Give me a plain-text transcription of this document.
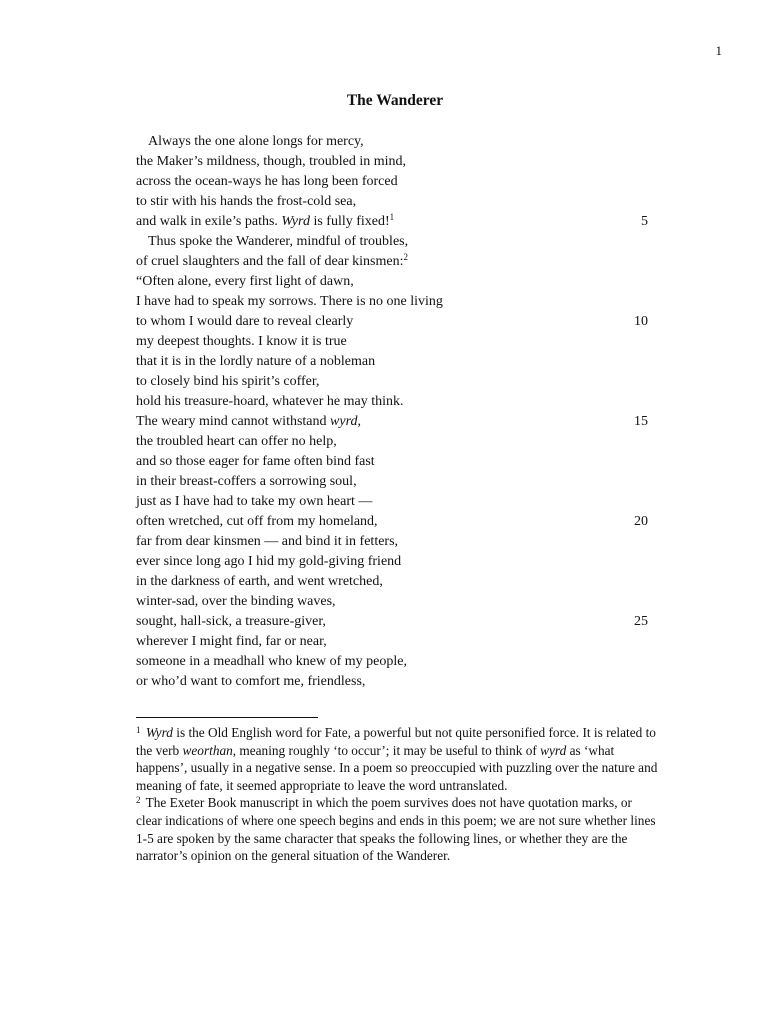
1
The Wanderer
Always the one alone longs for mercy,
the Maker’s mildness, though, troubled in mind,
across the ocean-ways he has long been forced
to stir with his hands the frost-cold sea,
and walk in exile’s paths. Wyrd is fully fixed!$^1$	5
Thus spoke the Wanderer, mindful of troubles,
of cruel slaughters and the fall of dear kinsmen:$^2$
“Often alone, every first light of dawn,
I have had to speak my sorrows. There is no one living
to whom I would dare to reveal clearly	10
my deepest thoughts. I know it is true
that it is in the lordly nature of a nobleman
to closely bind his spirit’s coffer,
hold his treasure-hoard, whatever he may think.
The weary mind cannot withstand wyrd,	15
the troubled heart can offer no help,
and so those eager for fame often bind fast
in their breast-coffers a sorrowing soul,
just as I have had to take my own heart —
often wretched, cut off from my homeland,	20
far from dear kinsmen — and bind it in fetters,
ever since long ago I hid my gold-giving friend
in the darkness of earth, and went wretched,
winter-sad, over the binding waves,
sought, hall-sick, a treasure-giver,	25
wherever I might find, far or near,
someone in a meadhall who knew of my people,
or who’d want to comfort me, friendless,

$^1$ Wyrd is the Old English word for Fate, a powerful but not quite personified force. It is related to the verb weorthan, meaning roughly ‘to occur’; it may be useful to think of wyrd as ‘what happens’, usually in a negative sense. In a poem so preoccupied with puzzling over the nature and meaning of fate, it seemed appropriate to leave the word untranslated.

$^2$ The Exeter Book manuscript in which the poem survives does not have quotation marks, or clear indications of where one speech begins and ends in this poem; we are not sure whether lines 1-5 are spoken by the same character that speaks the following lines, or whether they are the narrator’s opinion on the general situation of the Wanderer.
